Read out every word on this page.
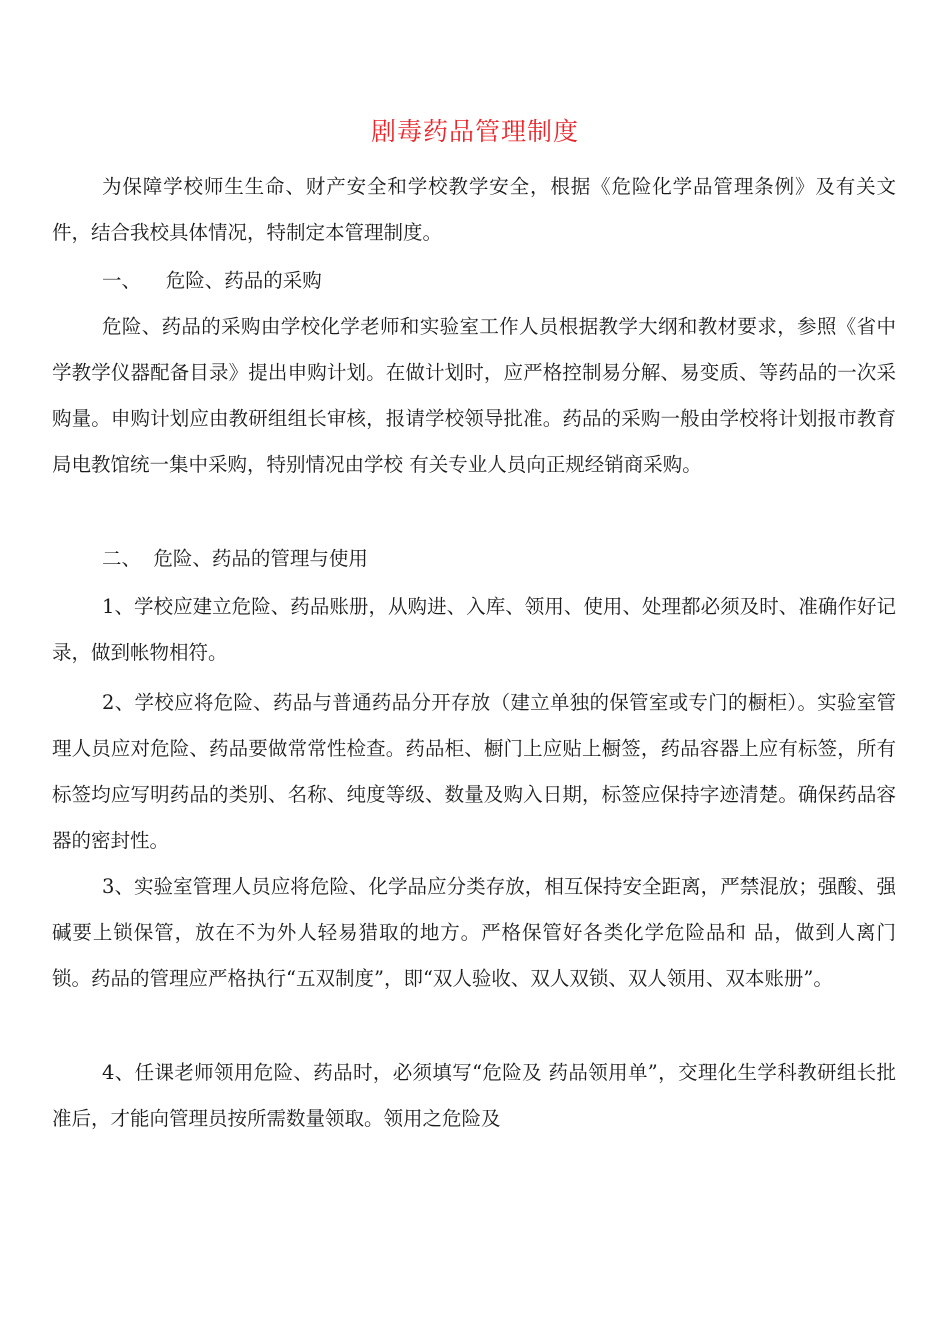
剧毒药品管理制度

为保障学校师生生命、财产安全和学校教学安全，根据《危险化学品管理条例》及有关文件，结合我校具体情况，特制定本管理制度。

一、    危险、药品的采购

危险、药品的采购由学校化学老师和实验室工作人员根据教学大纲和教材要求，参照《省中学教学仪器配备目录》提出申购计划。在做计划时，应严格控制易分解、易变质、等药品的一次采购量。申购计划应由教研组组长审核，报请学校领导批准。药品的采购一般由学校将计划报市教育局电教馆统一集中采购，特别情况由学校 有关专业人员向正规经销商采购。

二、  危险、药品的管理与使用

1、学校应建立危险、药品账册，从购进、入库、领用、使用、处理都必须及时、准确作好记录，做到帐物相符。

2、学校应将危险、药品与普通药品分开存放（建立单独的保管室或专门的橱柜）。实验室管理人员应对危险、药品要做常常性检查。药品柜、橱门上应贴上橱签，药品容器上应有标签，所有标签均应写明药品的类别、名称、纯度等级、数量及购入日期，标签应保持字迹清楚。确保药品容器的密封性。

3、实验室管理人员应将危险、化学品应分类存放，相互保持安全距离，严禁混放；强酸、强碱要上锁保管，放在不为外人轻易猎取的地方。严格保管好各类化学危险品和 品，做到人离门锁。药品的管理应严格执行“五双制度”，即“双人验收、双人双锁、双人领用、双本账册”。

4、任课老师领用危险、药品时，必须填写“危险及 药品领用单”，交理化生学科教研组长批准后，才能向管理员按所需数量领取。领用之危险及
